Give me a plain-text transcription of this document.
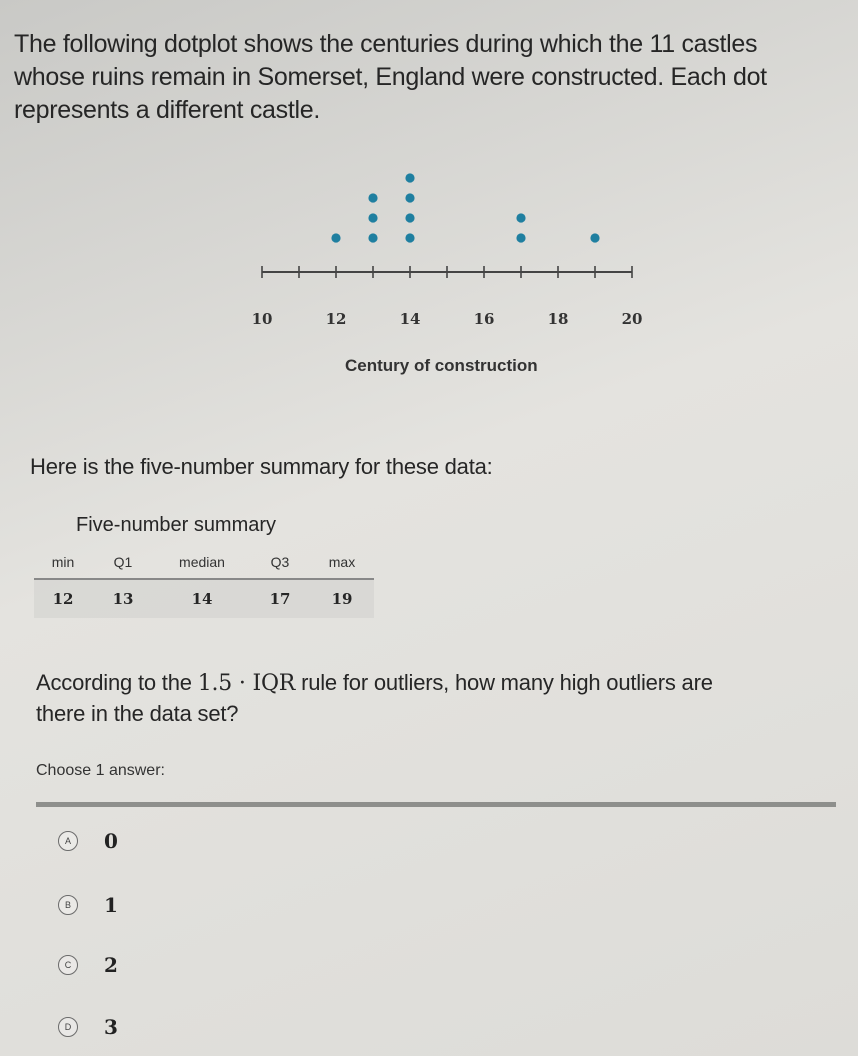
The following dotplot shows the centuries during which the 11 castles
whose ruins remain in Somerset, England were constructed. Each dot
represents a different castle.
10	12	14	16	18	20
Century of construction
Here is the five-number summary for these data:
Five-number summary
min	Q1	median	Q3	max
12	13	14	17	19
According to the 1.5 · IQR rule for outliers, how many high outliers are
there in the data set?
Choose 1 answer:
A	0
B	1
C	2
D	3
